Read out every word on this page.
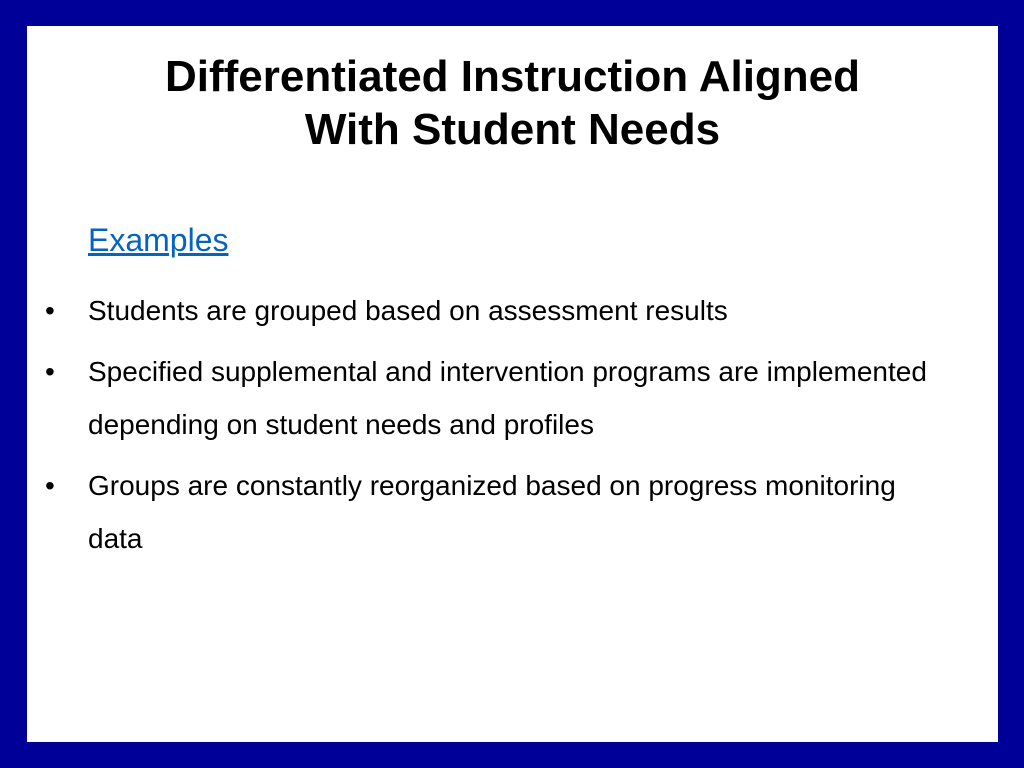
Differentiated Instruction Aligned
With Student Needs
Examples
• Students are grouped based on assessment results
• Specified supplemental and intervention programs are implemented depending on student needs and profiles
• Groups are constantly reorganized based on progress monitoring data
